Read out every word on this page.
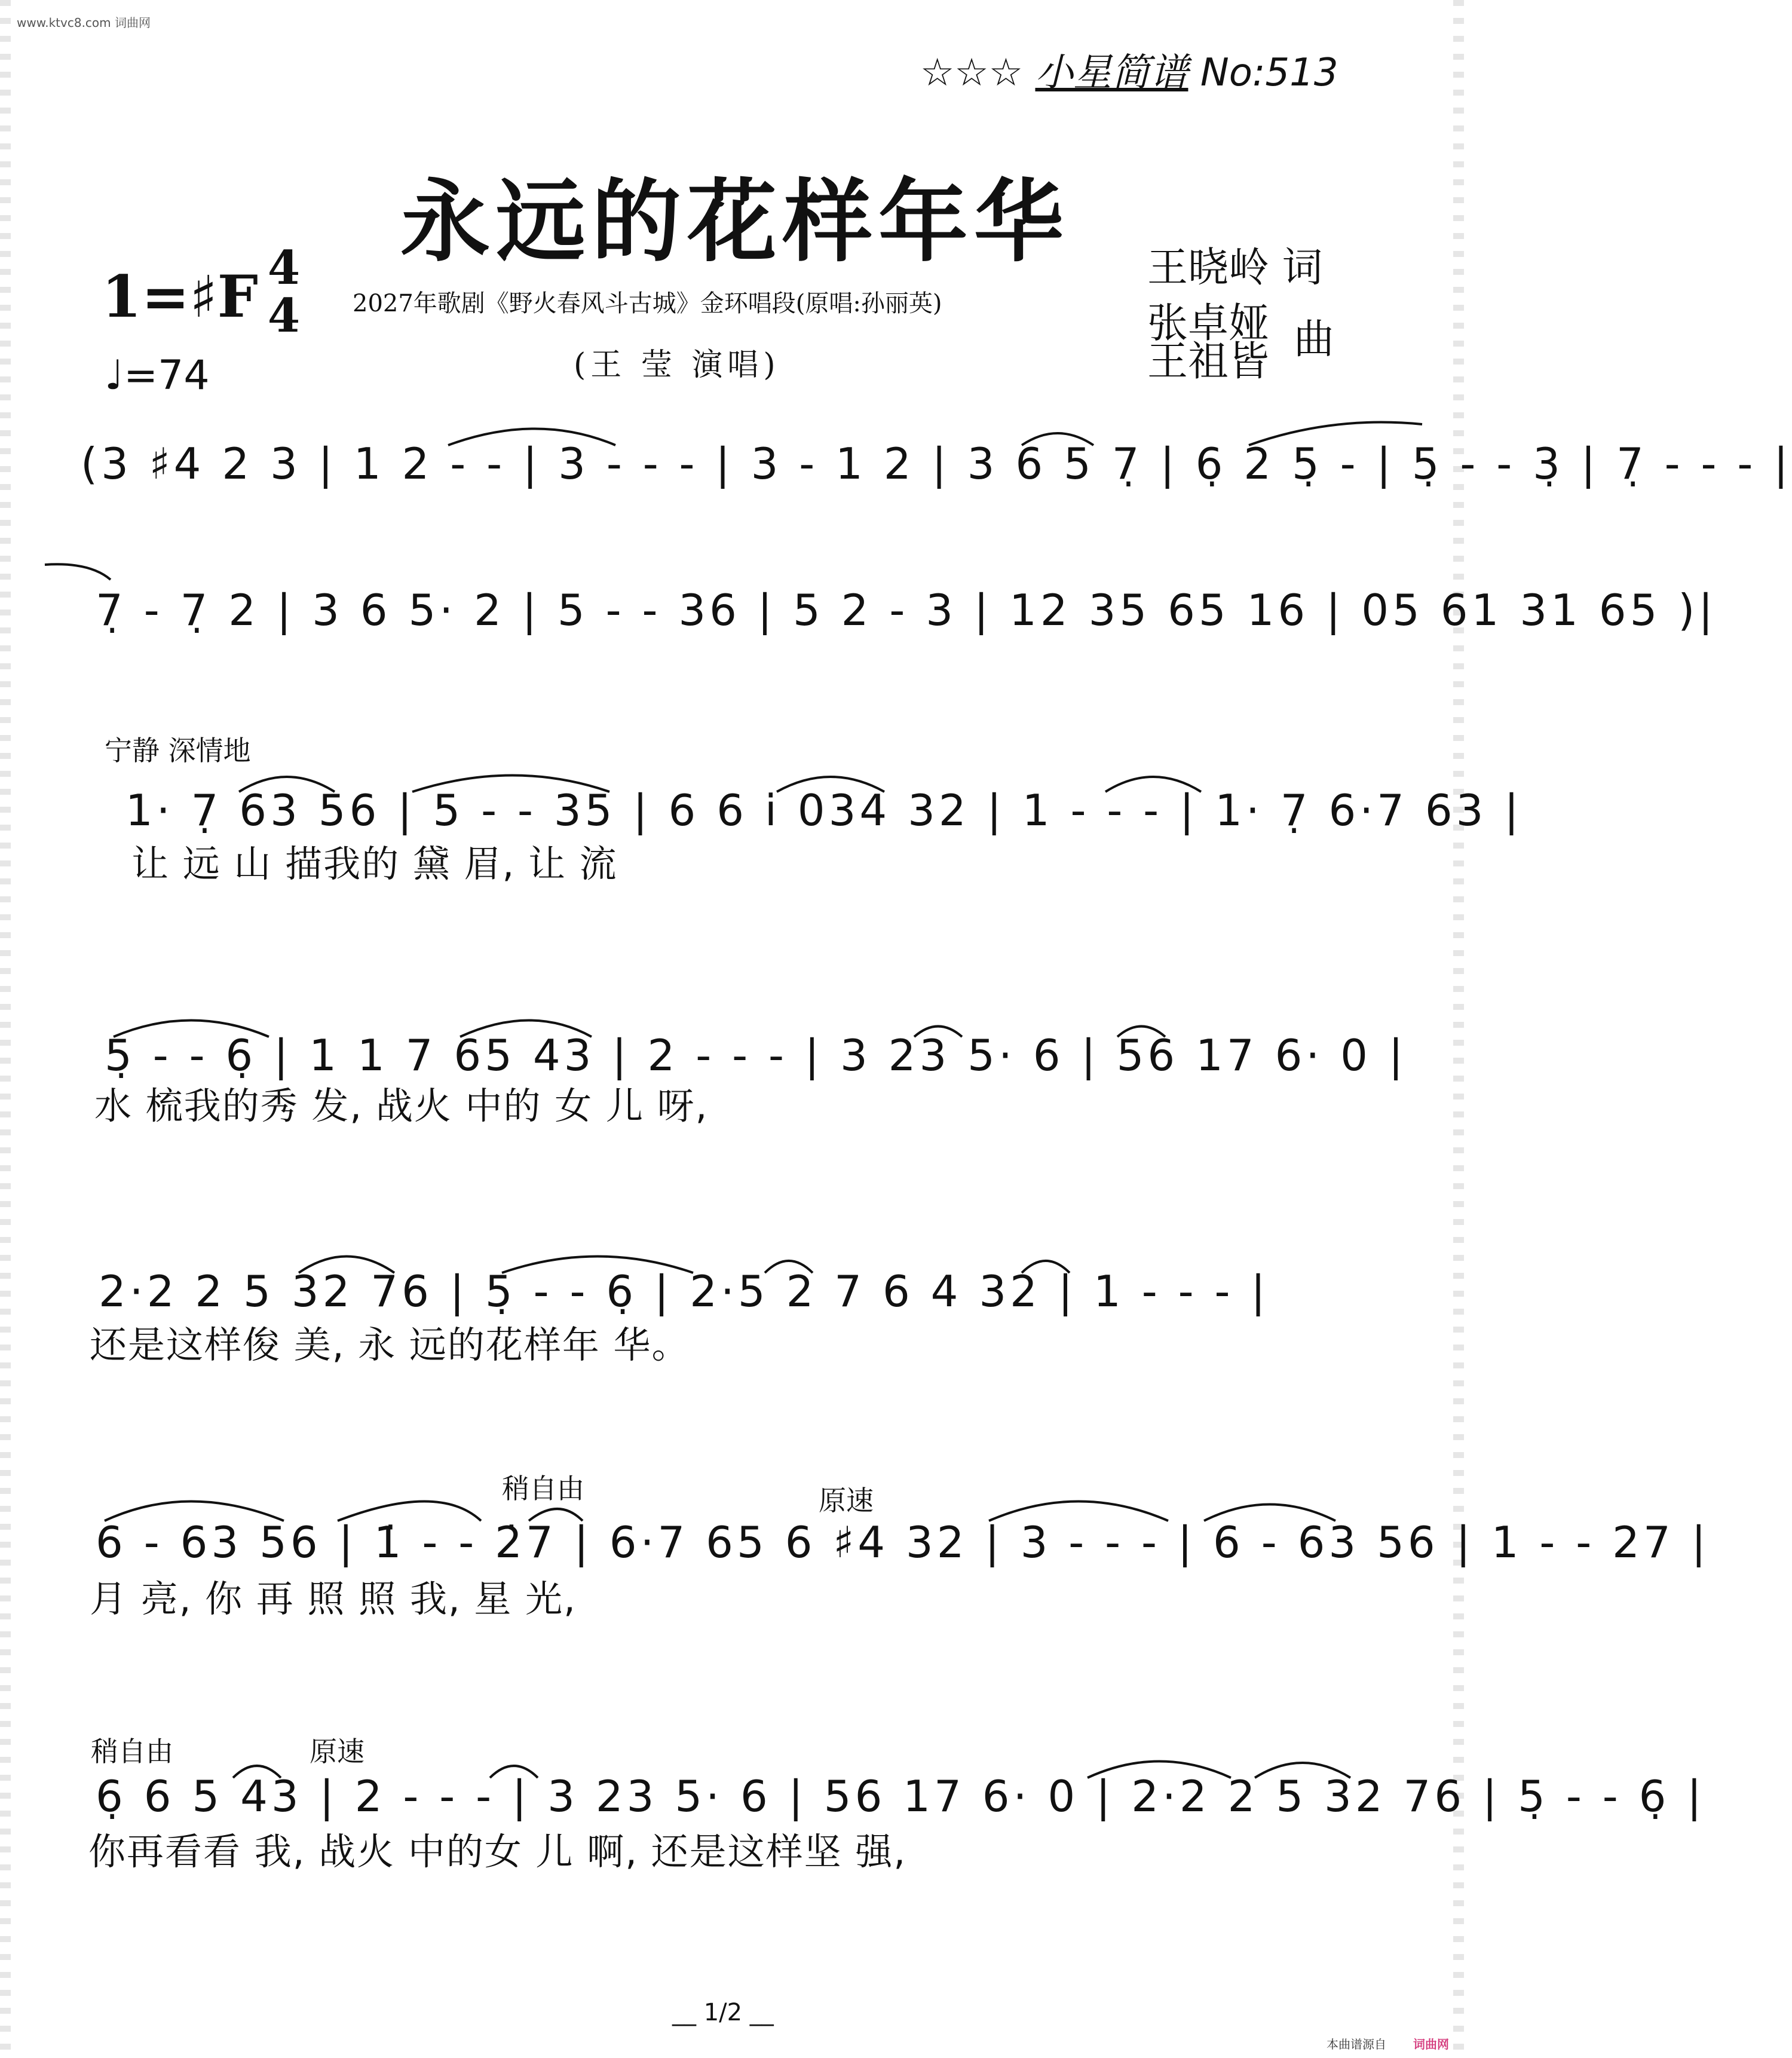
www.ktvc8.com 词曲网
☆☆☆ 小星简谱 No:513
永远的花样年华
1=♯F 4
4
♩=74
2027年歌剧《野火春风斗古城》金环唱段(原唱:孙丽英)
(王 莹 演唱)
王晓岭 词
张卓娅
王祖皆 曲
(3 ♯4 2 3 | 1 2 - - | 3 - - - | 3 - 1 2 | 3 6 5 7̣ | 6̣ 2 5̣ - | 5̣ - - 3̣ | 7̣ - - - |
7̣ - 7̣ 2 | 3 6 5· 2 | 5 - - 36 | 5 2 - 3 | 12 35 65 16 | 05 61 31 65 )|
宁静 深情地
1· 7̣ 63 56 | 5 - - 35 | 6 6 i̇ 034 32 | 1 - - - | 1· 7̣ 6·7 63 |
让 远 山 描我的 黛 眉, 让 流
5̣ - - 6̣ | 1 1 7 65 43 | 2 - - - | 3 23 5· 6 | 56 17 6· 0 |
水 梳我的秀 发, 战火 中的 女 儿 呀,
2·2 2 5 32 76 | 5̣ - - 6̣ | 2·5 2 7 6 4 32 | 1 - - - |
还是这样俊 美, 永 远的花样年 华。
稍自由	原速
6 - 63 56 | 1̇ - - 2̇7 | 6·7 65 6 ♯4 32 | 3 - - - | 6 - 63 56 | 1 - - 27 |
月 亮, 你 再 照 照 我, 星 光,
稍自由	原速
6̣ 6 5 43 | 2 - - - | 3 23 5· 6 | 56 17 6· 0 | 2·2 2 5 32 76 | 5̣ - - 6̣ |
你再看看 我, 战火 中的女 儿 啊, 还是这样坚 强,
__ 1/2 __
本曲谱源自 词曲网
